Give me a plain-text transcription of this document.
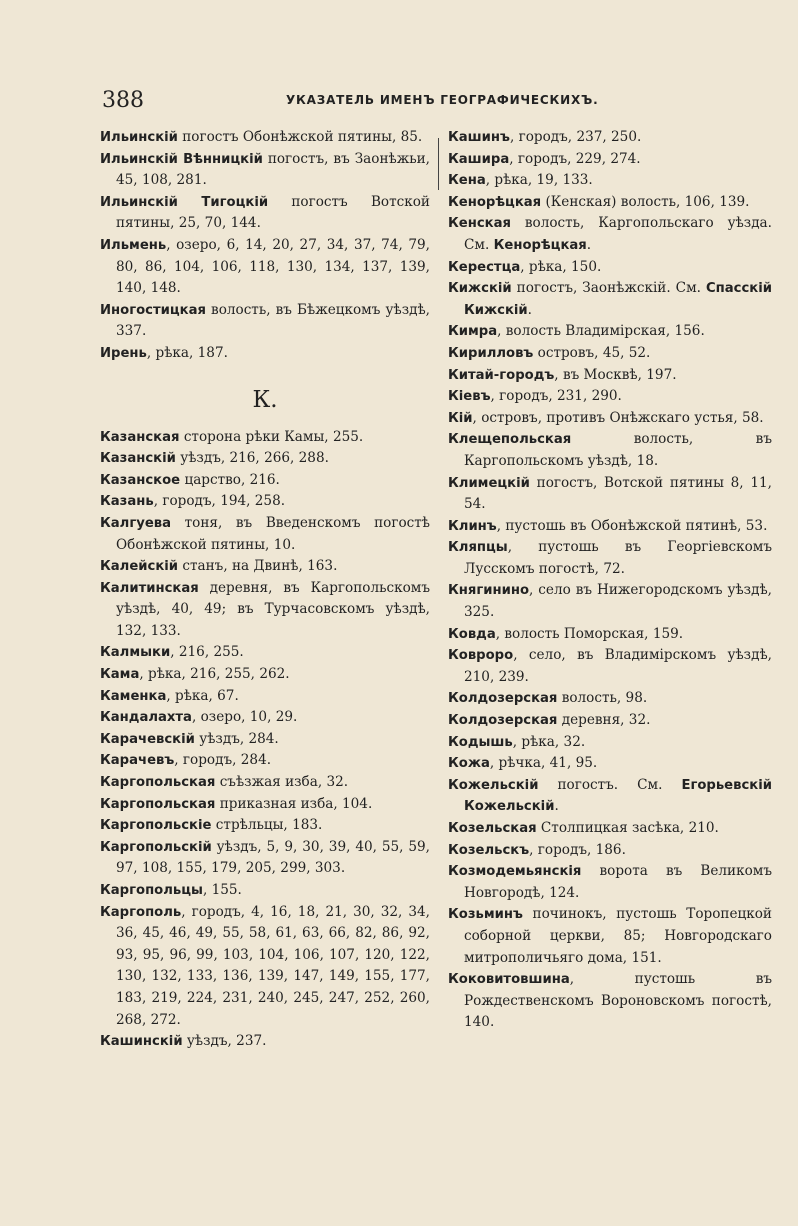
388	УКАЗАТЕЛЬ ИМЕНЪ ГЕОГРАФИЧЕСКИХЪ.

Ильинскій погостъ Обонѣжской пятины, 85.

Ильинскій Вѣнницкій погостъ, въ Заонѣжьи, 45, 108, 281.

Ильинскій Тигоцкій погостъ Вотской пятины, 25, 70, 144.

Ильмень, озеро, 6, 14, 20, 27, 34, 37, 74, 79, 80, 86, 104, 106, 118, 130, 134, 137, 139, 140, 148.

Иногостицкая волость, въ Бѣжецкомъ уѣздѣ, 337.

Ирень, рѣка, 187.

К.

Казанская сторона рѣки Камы, 255.

Казанскій уѣздъ, 216, 266, 288.

Казанское царство, 216.

Казань, городъ, 194, 258.

Калгуева тоня, въ Введенскомъ погостѣ Обонѣжской пятины, 10.

Калейскій станъ, на Двинѣ, 163.

Калитинская деревня, въ Каргопольскомъ уѣздѣ, 40, 49; въ Турчасовскомъ уѣздѣ, 132, 133.

Калмыки, 216, 255.

Кама, рѣка, 216, 255, 262.

Каменка, рѣка, 67.

Кандалахта, озеро, 10, 29.

Карачевскій уѣздъ, 284.

Карачевъ, городъ, 284.

Каргопольская съѣзжая изба, 32.

Каргопольская приказная изба, 104.

Каргопольскіе стрѣльцы, 183.

Каргопольскій уѣздъ, 5, 9, 30, 39, 40, 55, 59, 97, 108, 155, 179, 205, 299, 303.

Каргопольцы, 155.

Каргополь, городъ, 4, 16, 18, 21, 30, 32, 34, 36, 45, 46, 49, 55, 58, 61, 63, 66, 82, 86, 92, 93, 95, 96, 99, 103, 104, 106, 107, 120, 122, 130, 132, 133, 136, 139, 147, 149, 155, 177, 183, 219, 224, 231, 240, 245, 247, 252, 260, 268, 272.

Кашинскій уѣздъ, 237.

Кашинъ, городъ, 237, 250.

Кашира, городъ, 229, 274.

Кена, рѣка, 19, 133.

Кенорѣцкая (Кенская) волость, 106, 139.

Кенская волость, Каргопольскаго уѣзда. См. Кенорѣцкая.

Керестца, рѣка, 150.

Кижскій погостъ, Заонѣжскій. См. Спасскій Кижскій.

Кимра, волость Владимірская, 156.

Кирилловъ островъ, 45, 52.

Китай-городъ, въ Москвѣ, 197.

Кіевъ, городъ, 231, 290.

Кій, островъ, противъ Онѣжскаго устья, 58.

Клещепольская волость, въ Каргопольскомъ уѣздѣ, 18.

Климецкій погостъ, Вотской пятины 8, 11, 54.

Клинъ, пустошь въ Обонѣжской пятинѣ, 53.

Кляпцы, пустошь въ Георгіевскомъ Лусскомъ погостѣ, 72.

Княгинино, село въ Нижегородскомъ уѣздѣ, 325.

Ковда, волость Поморская, 159.

Ковроро, село, въ Владимірскомъ уѣздѣ, 210, 239.

Колдозерская волость, 98.

Колдозерская деревня, 32.

Кодышь, рѣка, 32.

Кожа, рѣчка, 41, 95.

Кожельскій погостъ. См. Егорьевскій Кожельскій.

Козельская Столпицкая засѣка, 210.

Козельскъ, городъ, 186.

Козмодемьянскія ворота въ Великомъ Новгородѣ, 124.

Козьминъ починокъ, пустошь Торопецкой соборной церкви, 85; Новгородскаго митрополичьяго дома, 151.

Коковитовшина, пустошь въ Рождественскомъ Вороновскомъ погостѣ, 140.
